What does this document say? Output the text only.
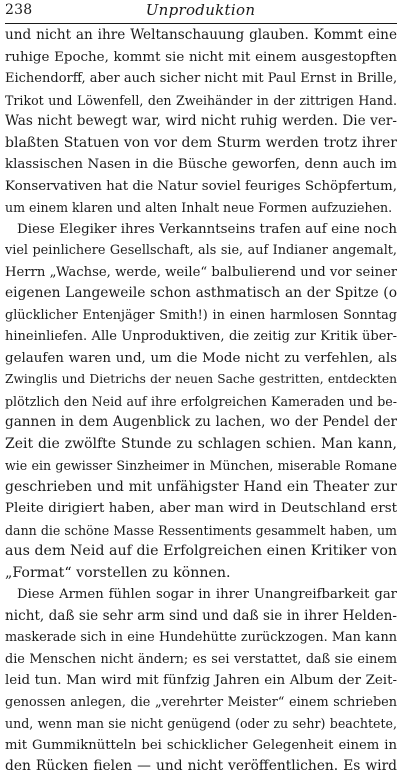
238	Unproduktion
und nicht an ihre Weltanschauung glauben. Kommt eine
ruhige Epoche, kommt sie nicht mit einem ausgestopften
Eichendorff, aber auch sicher nicht mit Paul Ernst in Brille,
Trikot und Löwenfell, den Zweihänder in der zittrigen Hand.
Was nicht bewegt war, wird nicht ruhig werden. Die ver-
blaßten Statuen von vor dem Sturm werden trotz ihrer
klassischen Nasen in die Büsche geworfen, denn auch im
Konservativen hat die Natur soviel feuriges Schöpfertum,
um einem klaren und alten Inhalt neue Formen aufzuziehen.
Diese Elegiker ihres Verkanntseins trafen auf eine noch
viel peinlichere Gesellschaft, als sie, auf Indianer angemalt,
Herrn „Wachse, werde, weile“ balbulierend und vor seiner
eigenen Langeweile schon asthmatisch an der Spitze (o
glücklicher Entenjäger Smith!) in einen harmlosen Sonntag
hineinliefen. Alle Unproduktiven, die zeitig zur Kritik über-
gelaufen waren und, um die Mode nicht zu verfehlen, als
Zwinglis und Dietrichs der neuen Sache gestritten, entdeckten
plötzlich den Neid auf ihre erfolgreichen Kameraden und be-
gannen in dem Augenblick zu lachen, wo der Pendel der
Zeit die zwölfte Stunde zu schlagen schien. Man kann,
wie ein gewisser Sinzheimer in München, miserable Romane
geschrieben und mit unfähigster Hand ein Theater zur
Pleite dirigiert haben, aber man wird in Deutschland erst
dann die schöne Masse Ressentiments gesammelt haben, um
aus dem Neid auf die Erfolgreichen einen Kritiker von
„Format“ vorstellen zu können.
Diese Armen fühlen sogar in ihrer Unangreifbarkeit gar
nicht, daß sie sehr arm sind und daß sie in ihrer Helden-
maskerade sich in eine Hundehütte zurückzogen. Man kann
die Menschen nicht ändern; es sei verstattet, daß sie einem
leid tun. Man wird mit fünfzig Jahren ein Album der Zeit-
genossen anlegen, die „verehrter Meister“ einem schrieben
und, wenn man sie nicht genügend (oder zu sehr) beachtete,
mit Gummiknütteln bei schicklicher Gelegenheit einem in
den Rücken fielen — und nicht veröffentlichen. Es wird
